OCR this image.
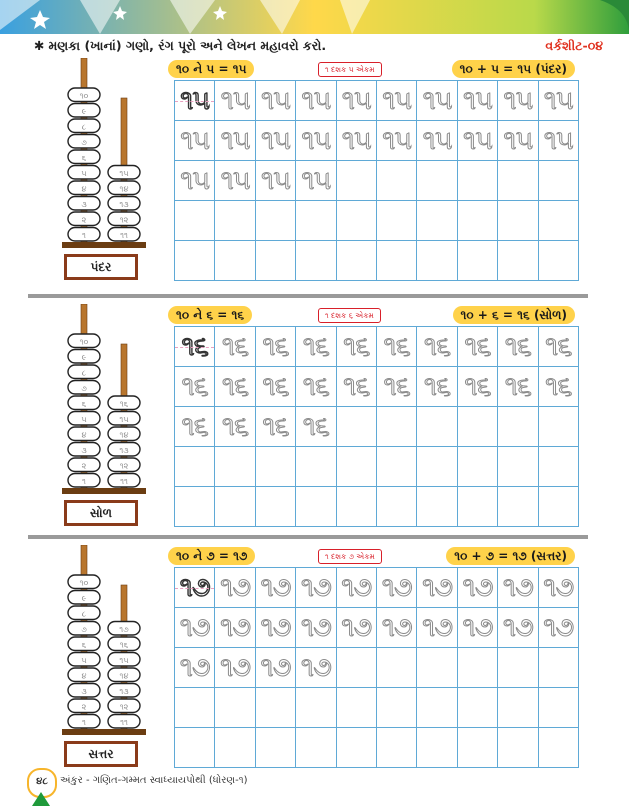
✱ મણકા (ખાનાં) ગણો, રંગ પૂરો અને લેખન મહાવરો કરો.	વર્કશીટ-૦૪
૧૦ ને ૫ = ૧૫	૧ દશક ૫ એકમ	૧૦ + ૫ = ૧૫ (પંદર)
૧૦
૯
૮
૭
૬
૫
૪
૩
૨
૧
૧૫
૧૪
૧૩
૧૨
૧૧
પંદર
૧૫ ૧૫ ૧૫ ૧૫ ૧૫ ૧૫ ૧૫ ૧૫ ૧૫ ૧૫
૧૫ ૧૫ ૧૫ ૧૫ ૧૫ ૧૫ ૧૫ ૧૫ ૧૫ ૧૫
૧૫ ૧૫ ૧૫ ૧૫
૧૦ ને ૬ = ૧૬	૧ દશક ૬ એકમ	૧૦ + ૬ = ૧૬ (સોળ)
૧૦
૯
૮
૭
૬
૫
૪
૩
૨
૧
૧૬
૧૫
૧૪
૧૩
૧૨
૧૧
સોળ
૧૬ ૧૬ ૧૬ ૧૬ ૧૬ ૧૬ ૧૬ ૧૬ ૧૬ ૧૬
૧૬ ૧૬ ૧૬ ૧૬ ૧૬ ૧૬ ૧૬ ૧૬ ૧૬ ૧૬
૧૬ ૧૬ ૧૬ ૧૬
૧૦ ને ૭ = ૧૭	૧ દશક ૭ એકમ	૧૦ + ૭ = ૧૭ (સત્તર)
૧૦
૯
૮
૭
૬
૫
૪
૩
૨
૧
૧૭
૧૬
૧૫
૧૪
૧૩
૧૨
૧૧
સત્તર
૧૭ ૧૭ ૧૭ ૧૭ ૧૭ ૧૭ ૧૭ ૧૭ ૧૭ ૧૭
૧૭ ૧૭ ૧૭ ૧૭ ૧૭ ૧૭ ૧૭ ૧૭ ૧૭ ૧૭
૧૭ ૧૭ ૧૭ ૧૭
૪૮	અંકુર - ગણિત-ગમ્મત સ્વાધ્યાયપોથી (ધોરણ-૧)
